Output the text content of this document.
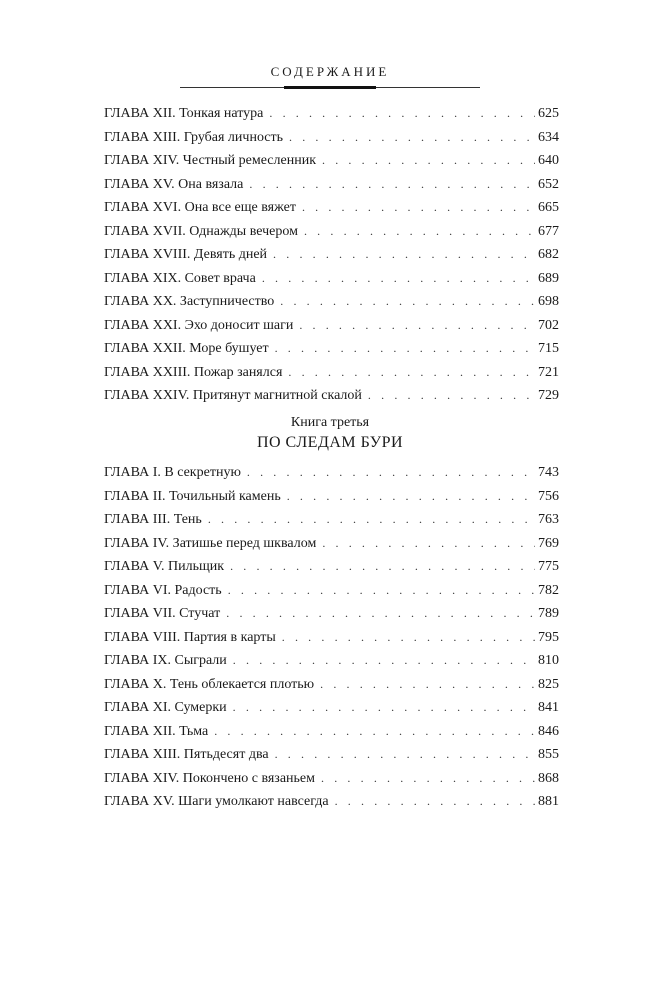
СОДЕРЖАНИЕ
ГЛАВА XII. Тонкая натура . . .	625
ГЛАВА XIII. Грубая личность . . .	634
ГЛАВА XIV. Честный ремесленник . . .	640
ГЛАВА XV. Она вязала . . .	652
ГЛАВА XVI. Она все еще вяжет . . .	665
ГЛАВА XVII. Однажды вечером . . .	677
ГЛАВА XVIII. Девять дней . . .	682
ГЛАВА XIX. Совет врача . . .	689
ГЛАВА XX. Заступничество . . .	698
ГЛАВА XXI. Эхо доносит шаги . . .	702
ГЛАВА XXII. Море бушует . . .	715
ГЛАВА XXIII. Пожар занялся . . .	721
ГЛАВА XXIV. Притянут магнитной скалой . . .	729
Книга третья
ПО СЛЕДАМ БУРИ
ГЛАВА I. В секретную . . .	743
ГЛАВА II. Точильный камень . . .	756
ГЛАВА III. Тень . . .	763
ГЛАВА IV. Затишье перед шквалом . . .	769
ГЛАВА V. Пильщик . . .	775
ГЛАВА VI. Радость . . .	782
ГЛАВА VII. Стучат . . .	789
ГЛАВА VIII. Партия в карты . . .	795
ГЛАВА IX. Сыграли . . .	810
ГЛАВА X. Тень облекается плотью . . .	825
ГЛАВА XI. Сумерки . . .	841
ГЛАВА XII. Тьма . . .	846
ГЛАВА XIII. Пятьдесят два . . .	855
ГЛАВА XIV. Покончено с вязаньем . . .	868
ГЛАВА XV. Шаги умолкают навсегда . . .	881
